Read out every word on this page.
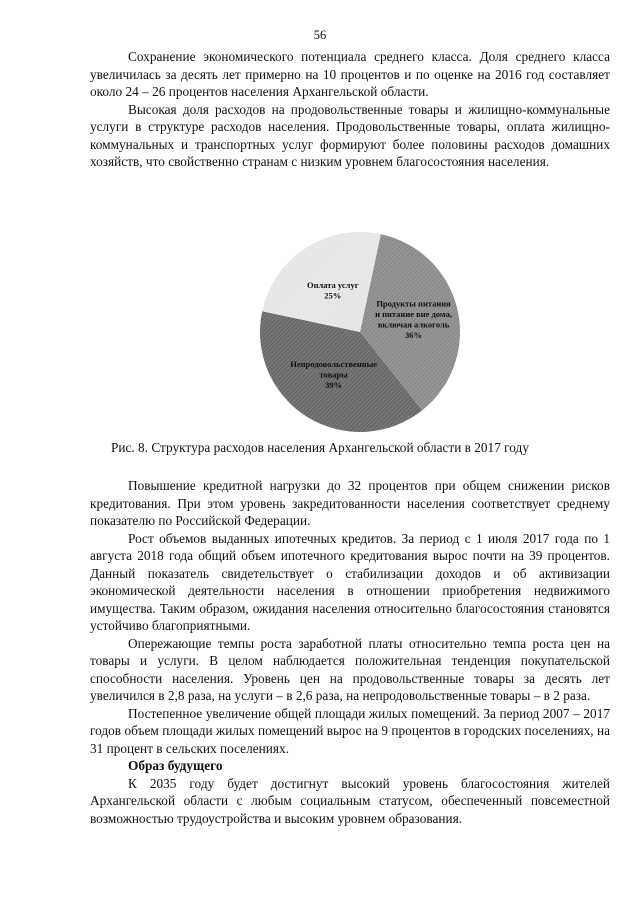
56

Сохранение экономического потенциала среднего класса. Доля среднего класса увеличилась за десять лет примерно на 10 процентов и по оценке на 2016 год составляет около 24 – 26 процентов населения Архангельской области.

Высокая доля расходов на продовольственные товары и жилищно-коммунальные услуги в структуре расходов населения. Продовольственные товары, оплата жилищно-коммунальных и транспортных услуг формируют более половины расходов домашних хозяйств, что свойственно странам с низким уровнем благосостояния населения.

Продукты питания и питание вне дома, включая алкоголь 36%
Непродовольственные товары 39%
Оплата услуг 25%
Рис. 8. Структура расходов населения Архангельской области в 2017 году

Повышение кредитной нагрузки до 32 процентов при общем снижении рисков кредитования. При этом уровень закредитованности населения соответствует среднему показателю по Российской Федерации.

Рост объемов выданных ипотечных кредитов. За период с 1 июля 2017 года по 1 августа 2018 года общий объем ипотечного кредитования вырос почти на 39 процентов. Данный показатель свидетельствует о стабилизации доходов и об активизации экономической деятельности населения в отношении приобретения недвижимого имущества. Таким образом, ожидания населения относительно благосостояния становятся устойчиво благоприятными.

Опережающие темпы роста заработной платы относительно темпа роста цен на товары и услуги. В целом наблюдается положительная тенденция покупательской способности населения. Уровень цен на продовольственные товары за десять лет увеличился в 2,8 раза, на услуги – в 2,6 раза, на непродовольственные товары – в 2 раза.

Постепенное увеличение общей площади жилых помещений. За период 2007 – 2017 годов объем площади жилых помещений вырос на 9 процентов в городских поселениях, на 31 процент в сельских поселениях.

Образ будущего

К 2035 году будет достигнут высокий уровень благосостояния жителей Архангельской области с любым социальным статусом, обеспеченный повсеместной возможностью трудоустройства и высоким уровнем образования.
